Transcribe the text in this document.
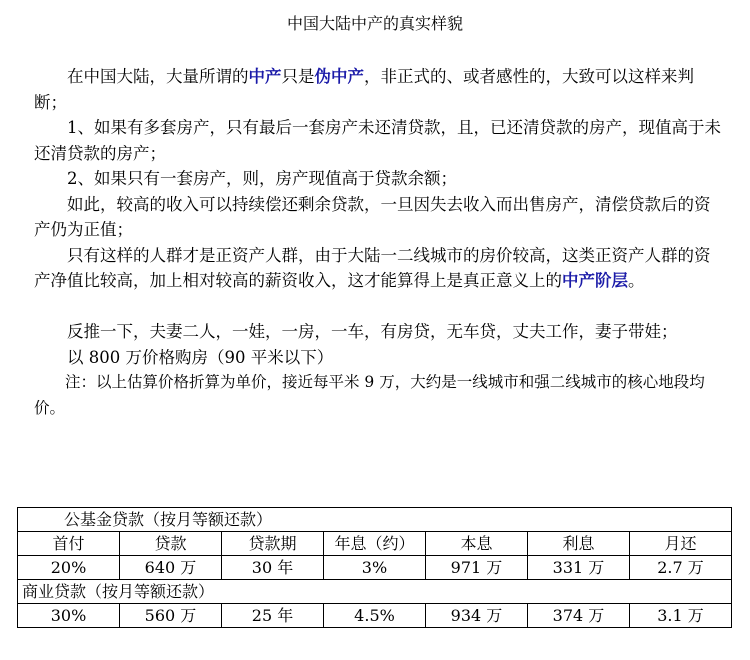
中国大陆中产的真实样貌

在中国大陆，大量所谓的中产只是伪中产，非正式的、或者感性的，大致可以这样来判断；

1、如果有多套房产，只有最后一套房产未还清贷款，且，已还清贷款的房产，现值高于未还清贷款的房产；

2、如果只有一套房产，则，房产现值高于贷款余额；

如此，较高的收入可以持续偿还剩余贷款，一旦因失去收入而出售房产，清偿贷款后的资产仍为正值；

只有这样的人群才是正资产人群，由于大陆一二线城市的房价较高，这类正资产人群的资产净值比较高，加上相对较高的薪资收入，这才能算得上是真正意义上的中产阶层。

反推一下，夫妻二人，一娃，一房，一车，有房贷，无车贷，丈夫工作，妻子带娃；

以 800 万价格购房（90 平米以下）

注：以上估算价格折算为单价，接近每平米 9 万，大约是一线城市和强二线城市的核心地段均价。

公基金贷款（按月等额还款）						
首付	贷款	贷款期	年息（约）	本息	利息	月还
20%	640 万	30 年	3%	971 万	331 万	2.7 万
商业贷款（按月等额还款）						
30%	560 万	25 年	4.5%	934 万	374 万	3.1 万
